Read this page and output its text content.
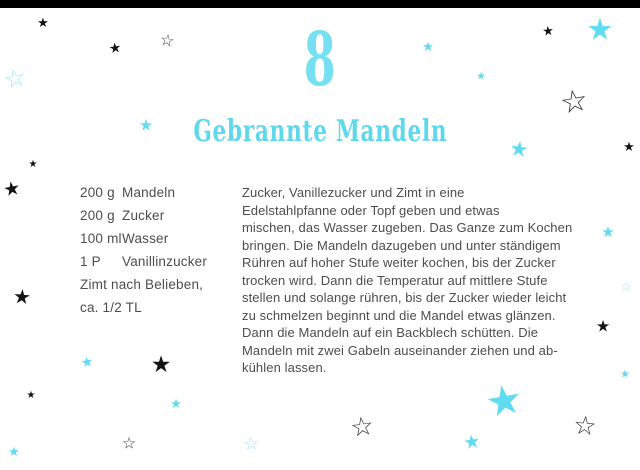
8
Gebrannte Mandeln
200 g Mandeln
200 g Zucker
100 mlWasser
1 P Vanillinzucker
Zimt nach Belieben,
ca. 1/2 TL
Zucker, Vanillezucker und Zimt in eine
Edelstahlpfanne oder Topf geben und etwas
mischen, das Wasser zugeben. Das Ganze zum Kochen
bringen. Die Mandeln dazugeben und unter ständigem
Rühren auf hoher Stufe weiter kochen, bis der Zucker
trocken wird. Dann die Temperatur auf mittlere Stufe
stellen und solange rühren, bis der Zucker wieder leicht
zu schmelzen beginnt und die Mandel etwas glänzen.
Dann die Mandeln auf ein Backblech schütten. Die
Mandeln mit zwei Gabeln auseinander ziehen und ab-
kühlen lassen.
★
★ ☆
☆
★
★
★
★ ★
☆
★	★
★
★
★
★
☆
★
★ ★
★
★
★	☆	☆
☆	★
★ ☆
★
